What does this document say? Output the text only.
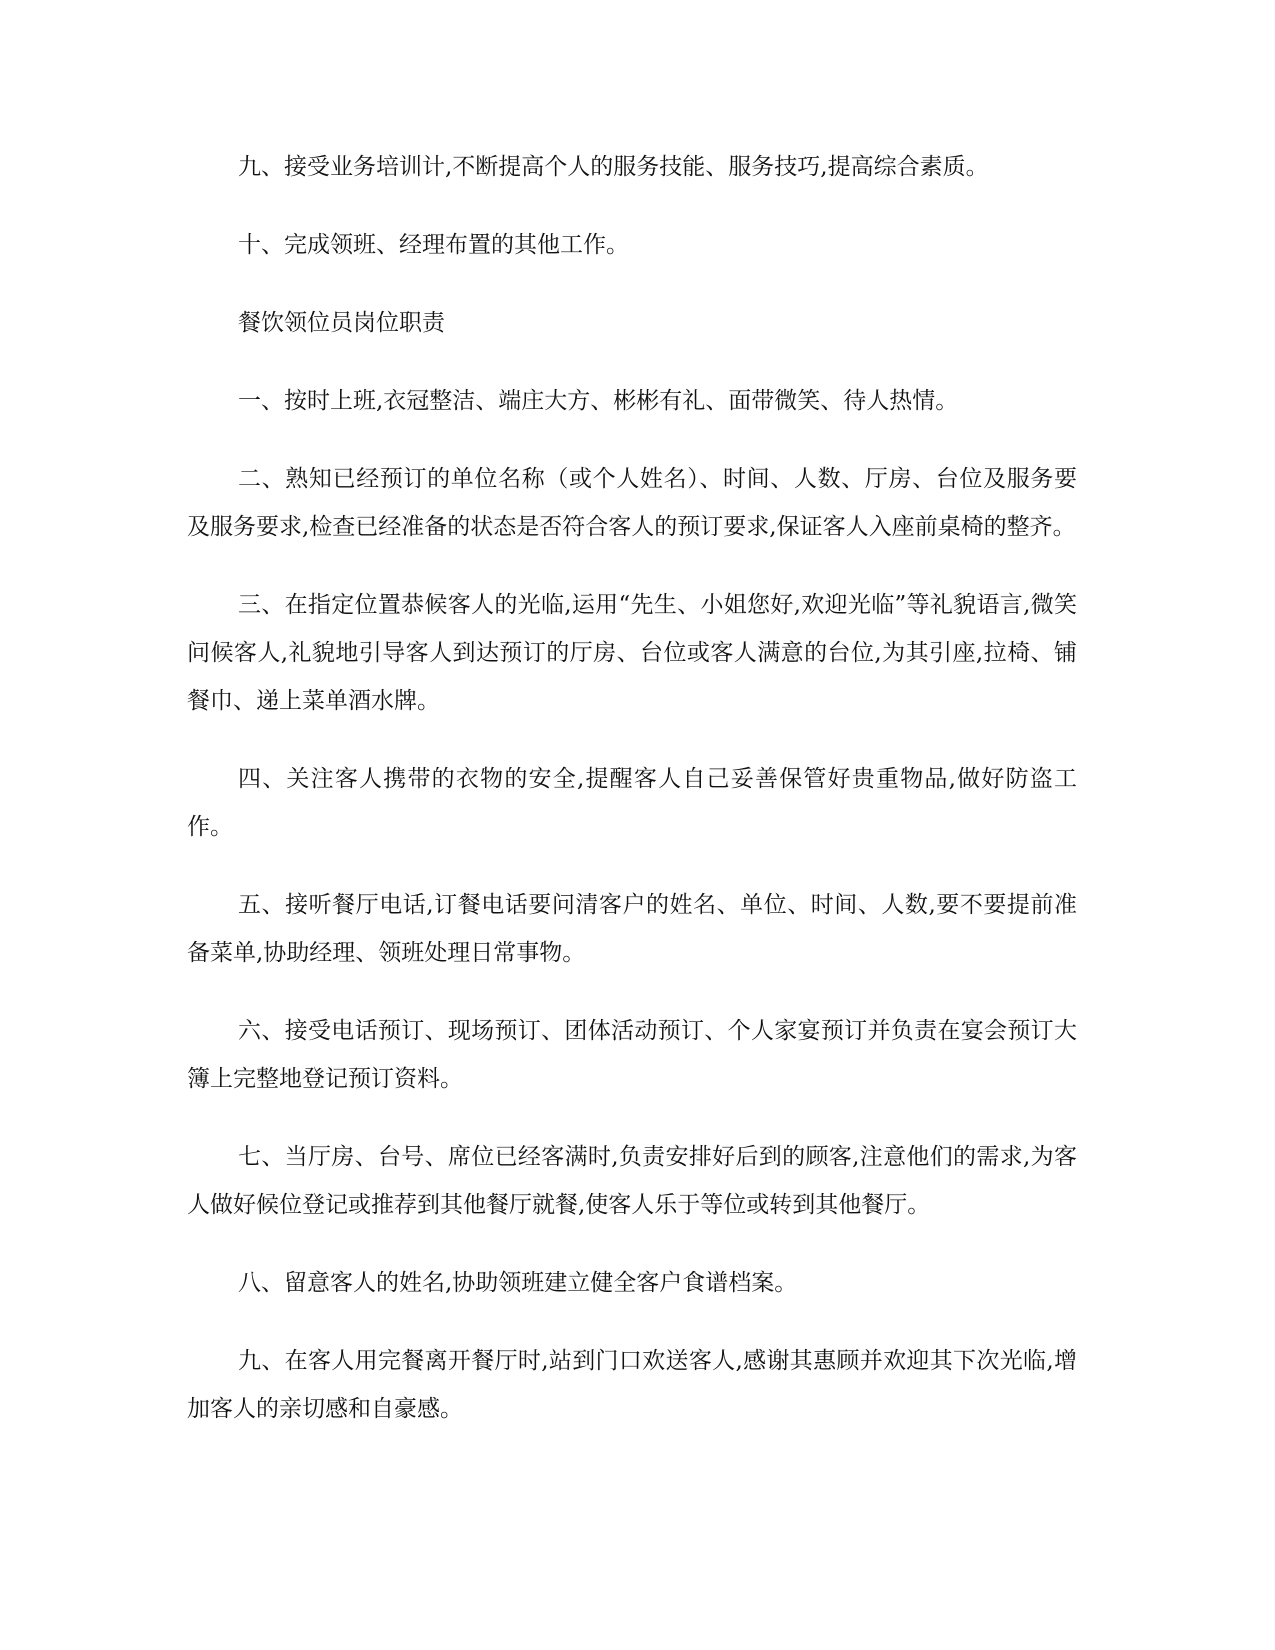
九、接受业务培训计,不断提高个人的服务技能、服务技巧,提高综合素质。

十、完成领班、经理布置的其他工作。

餐饮领位员岗位职责

一、按时上班,衣冠整洁、端庄大方、彬彬有礼、面带微笑、待人热情。

二、熟知已经预订的单位名称（或个人姓名）、时间、人数、厅房、台位及服务要及服务要求,检查已经准备的状态是否符合客人的预订要求,保证客人入座前桌椅的整齐。

三、在指定位置恭候客人的光临,运用“先生、小姐您好,欢迎光临”等礼貌语言,微笑问候客人,礼貌地引导客人到达预订的厅房、台位或客人满意的台位,为其引座,拉椅、铺餐巾、递上菜单酒水牌。

四、关注客人携带的衣物的安全,提醒客人自己妥善保管好贵重物品,做好防盗工作。

五、接听餐厅电话,订餐电话要问清客户的姓名、单位、时间、人数,要不要提前准备菜单,协助经理、领班处理日常事物。

六、接受电话预订、现场预订、团体活动预订、个人家宴预订并负责在宴会预订大簿上完整地登记预订资料。

七、当厅房、台号、席位已经客满时,负责安排好后到的顾客,注意他们的需求,为客人做好候位登记或推荐到其他餐厅就餐,使客人乐于等位或转到其他餐厅。

八、留意客人的姓名,协助领班建立健全客户食谱档案。

九、在客人用完餐离开餐厅时,站到门口欢送客人,感谢其惠顾并欢迎其下次光临,增加客人的亲切感和自豪感。
